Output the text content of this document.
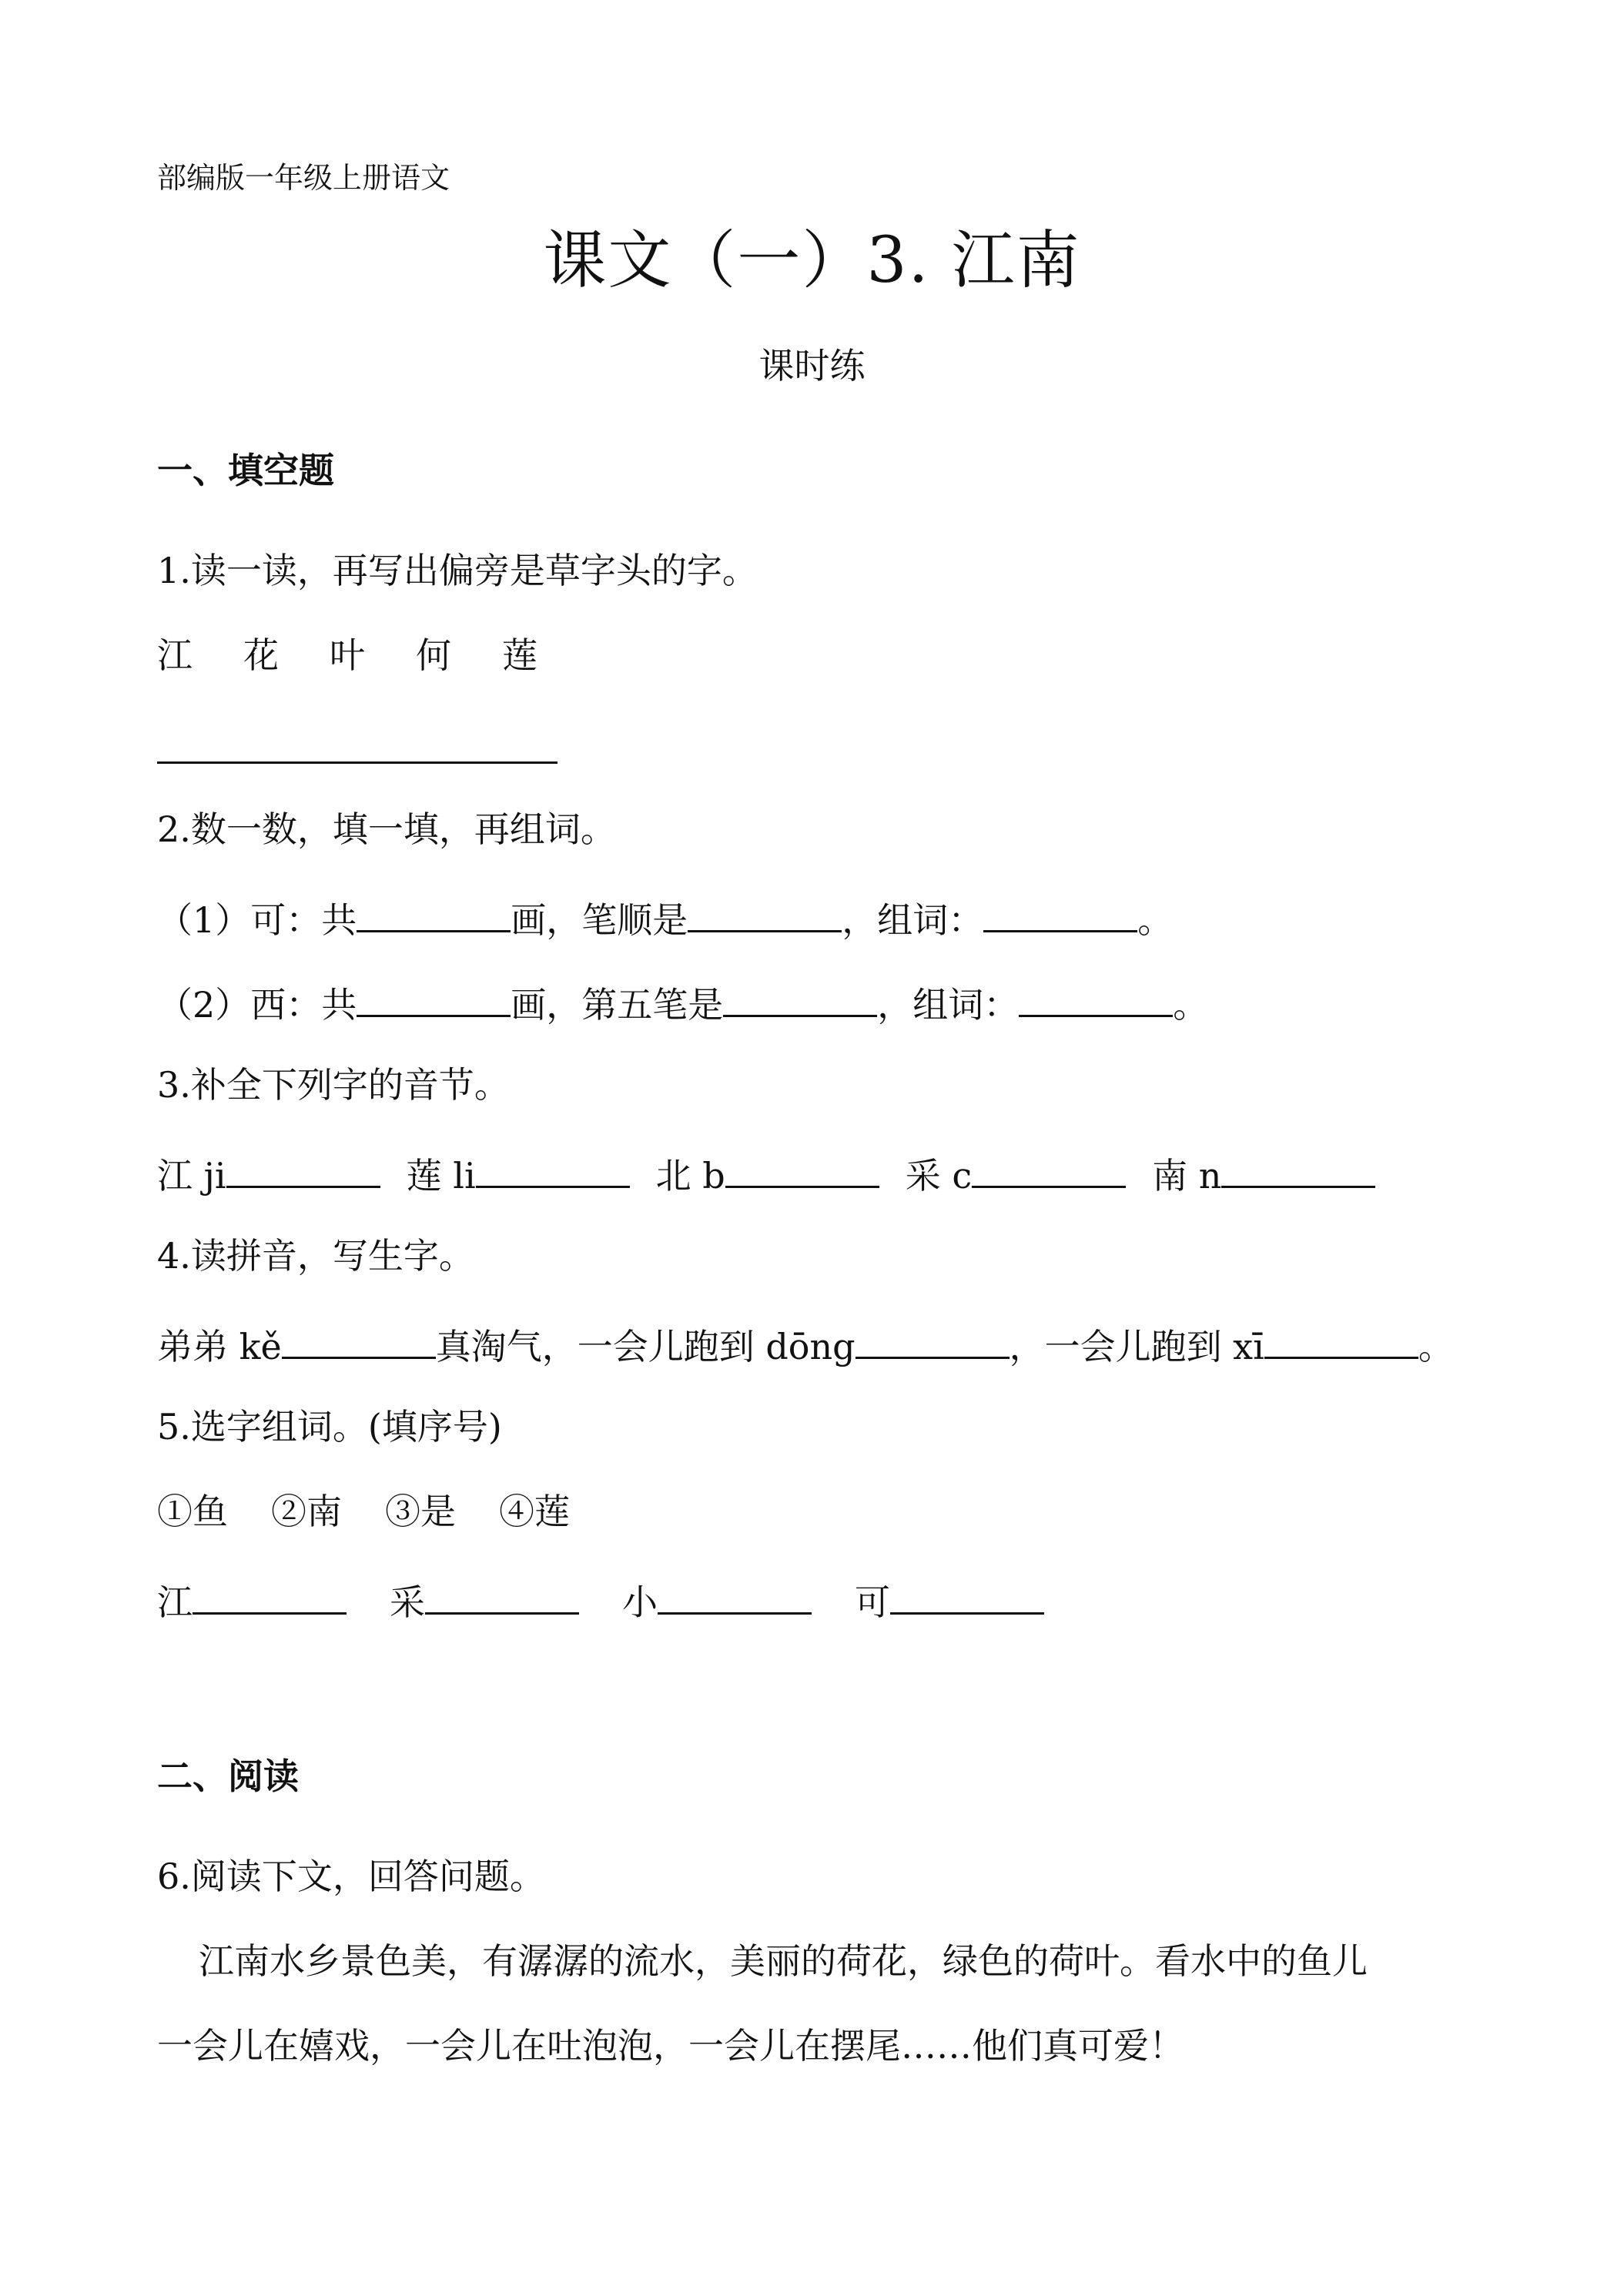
部编版一年级上册语文
课文（一）3. 江南
课时练
一、填空题
1.读一读，再写出偏旁是草字头的字。
江 花 叶 何 莲
2.数一数，填一填，再组词。
（1）可：共	画，笔顺是	，组词：	。
（2）西：共	画，第五笔是	，组词：	。
3.补全下列字的音节。
江 ji	莲 li	北 b	采 c	南 n
4.读拼音，写生字。
弟弟 kě	真淘气，一会儿跑到 dōng	，一会儿跑到 xī	。
5.选字组词。(填序号)
①鱼 ②南 ③是 ④莲
江	采	小	可
二、阅读
6.阅读下文，回答问题。
江南水乡景色美，有潺潺的流水，美丽的荷花，绿色的荷叶。看水中的鱼儿
一会儿在嬉戏，一会儿在吐泡泡，一会儿在摆尾……他们真可爱！
